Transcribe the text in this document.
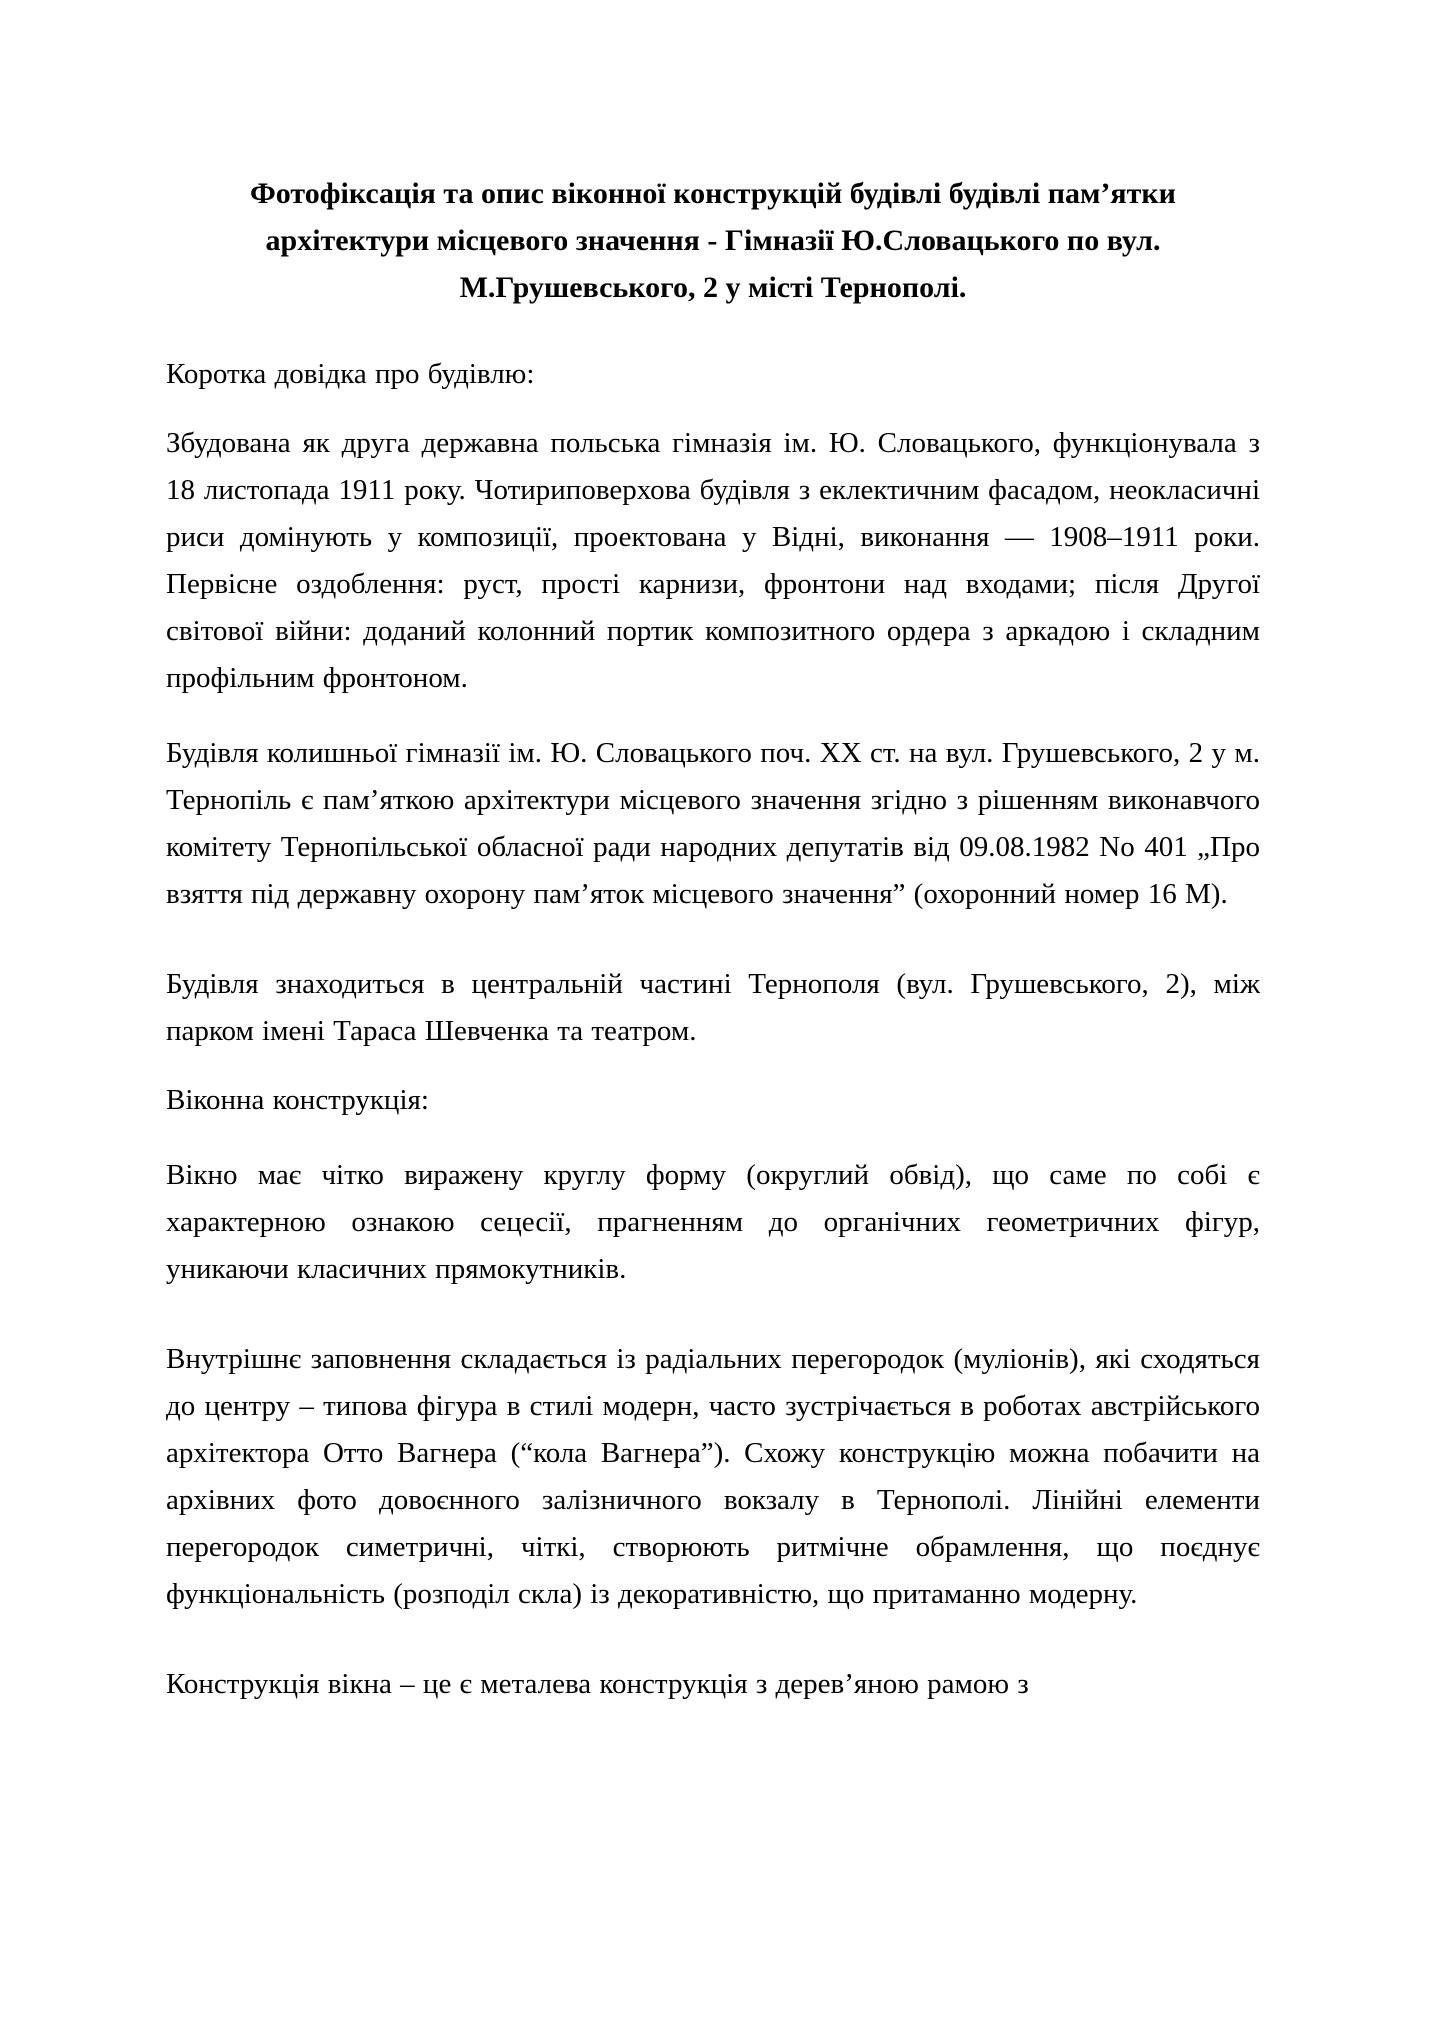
Фотофіксація та опис віконної конструкцій будівлі будівлі пам’ятки
архітектури місцевого значення - Гімназії Ю.Словацького по вул.
М.Грушевського, 2 у місті Тернополі.

Коротка довідка про будівлю:

Збудована як друга державна польська гімназія ім. Ю. Словацького, функціонувала з 18 листопада 1911 року. Чотириповерхова будівля з еклектичним фасадом, неокласичні риси домінують у композиції, проектована у Відні, виконання — 1908–1911 роки. Первісне оздоблення: руст, прості карнизи, фронтони над входами; після Другої світової війни: доданий колонний портик композитного ордера з аркадою і складним профільним фронтоном.

Будівля колишньої гімназії ім. Ю. Словацького поч. ХХ ст. на вул. Грушевського, 2 у м. Тернопіль є пам’яткою архітектури місцевого значення згідно з рішенням виконавчого комітету Тернопільської обласної ради народних депутатів від 09.08.1982 No 401 „Про взяття під державну охорону пам’яток місцевого значення” (охоронний номер 16 М).

Будівля знаходиться в центральній частині Тернополя (вул. Грушевського, 2), між парком імені Тараса Шевченка та театром.

Віконна конструкція:

Вікно має чітко виражену круглу форму (округлий обвід), що саме по собі є характерною ознакою сецесії, прагненням до органічних геометричних фігур, уникаючи класичних прямокутників.

Внутрішнє заповнення складається із радіальних перегородок (муліонів), які сходяться до центру – типова фігура в стилі модерн, часто зустрічається в роботах австрійського архітектора Отто Вагнера (“кола Вагнера”). Схожу конструкцію можна побачити на архівних фото довоєнного залізничного вокзалу в Тернополі. Лінійні елементи перегородок симетричні, чіткі, створюють ритмічне обрамлення, що поєднує функціональність (розподіл скла) із декоративністю, що притаманно модерну.

Конструкція вікна – це є металева конструкція з дерев’яною рамою з
